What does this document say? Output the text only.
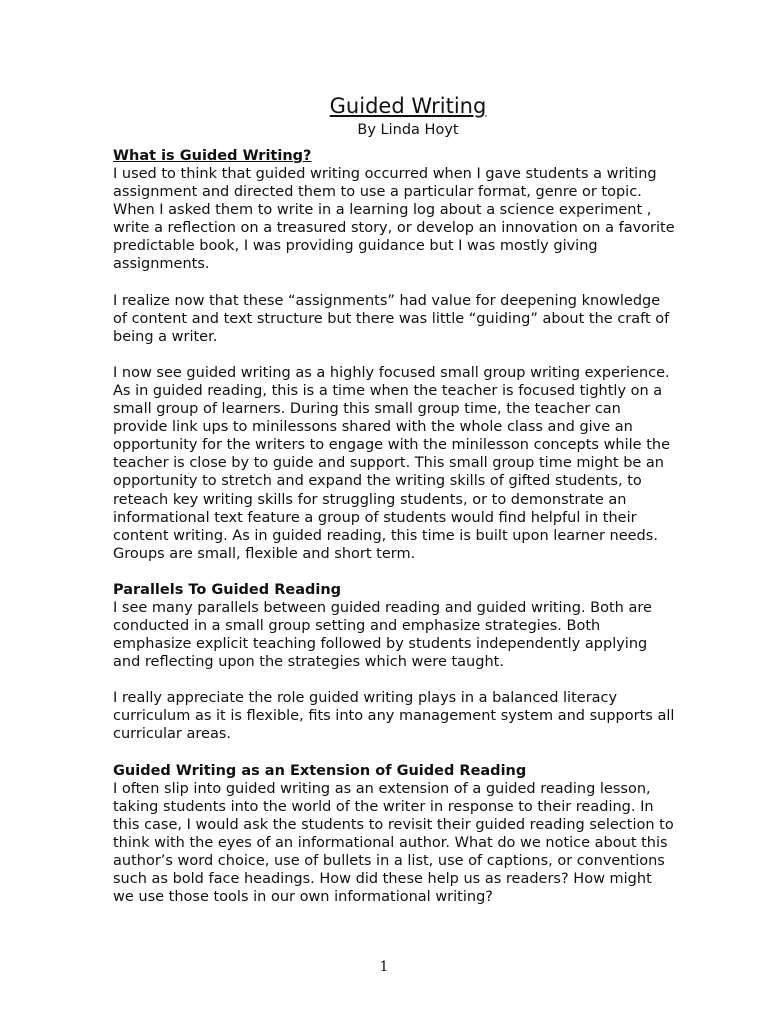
Guided Writing

By Linda Hoyt

What is Guided Writing?

I used to think that guided writing occurred when I gave students a writing
assignment and directed them to use a particular format, genre or topic.
When I asked them to write in a learning log about a science experiment ,
write a reflection on a treasured story, or develop an innovation on a favorite
predictable book, I was providing guidance but I was mostly giving
assignments.

I realize now that these “assignments” had value for deepening knowledge
of content and text structure but there was little “guiding” about the craft of
being a writer.

I now see guided writing as a highly focused small group writing experience.
As in guided reading, this is a time when the teacher is focused tightly on a
small group of learners. During this small group time, the teacher can
provide link ups to minilessons shared with the whole class and give an
opportunity for the writers to engage with the minilesson concepts while the
teacher is close by to guide and support. This small group time might be an
opportunity to stretch and expand the writing skills of gifted students, to
reteach key writing skills for struggling students, or to demonstrate an
informational text feature a group of students would find helpful in their
content writing. As in guided reading, this time is built upon learner needs.
Groups are small, flexible and short term.

Parallels To Guided Reading

I see many parallels between guided reading and guided writing. Both are
conducted in a small group setting and emphasize strategies. Both
emphasize explicit teaching followed by students independently applying
and reflecting upon the strategies which were taught.

I really appreciate the role guided writing plays in a balanced literacy
curriculum as it is flexible, fits into any management system and supports all
curricular areas.

Guided Writing as an Extension of Guided Reading

I often slip into guided writing as an extension of a guided reading lesson,
taking students into the world of the writer in response to their reading. In
this case, I would ask the students to revisit their guided reading selection to
think with the eyes of an informational author. What do we notice about this
author’s word choice, use of bullets in a list, use of captions, or conventions
such as bold face headings. How did these help us as readers? How might
we use those tools in our own informational writing?

1
